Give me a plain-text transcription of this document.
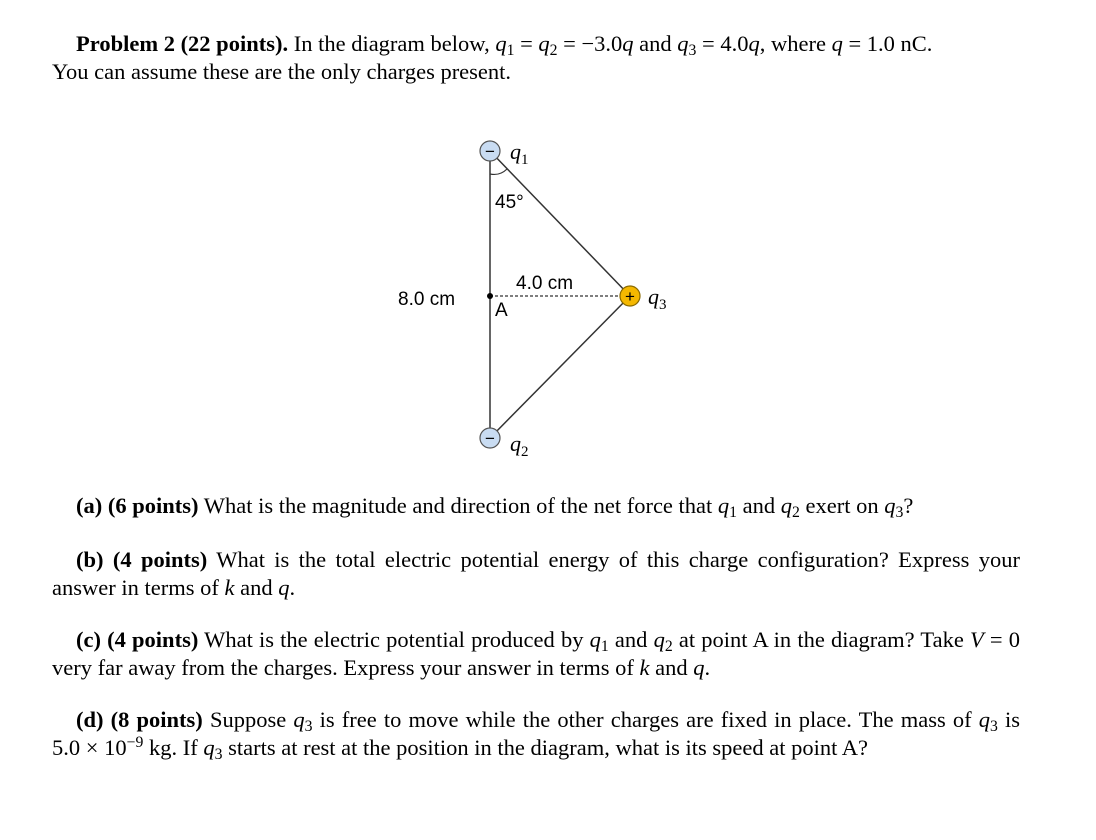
Problem 2 (22 points). In the diagram below, $q_1 = q_2 = -3.0q$ and $q_3 = 4.0q$, where q = 1.0 nC.
You can assume these are the only charges present.
−
−
+
$q_1$
$q_2$
$q_3$
45°
4.0 cm
8.0 cm
A
(a) (6 points) What is the magnitude and direction of the net force that $q_1$ and $q_2$ exert on $q_3$?
(b) (4 points) What is the total electric potential energy of this charge configuration? Express your answer in terms of k and q.
(c) (4 points) What is the electric potential produced by $q_1$ and $q_2$ at point A in the diagram? Take V = 0 very far away from the charges. Express your answer in terms of k and q.
(d) (8 points) Suppose $q_3$ is free to move while the other charges are fixed in place. The mass of $q_3$ is $5.0 \times 10^{-9}$ kg. If $q_3$ starts at rest at the position in the diagram, what is its speed at point A?
